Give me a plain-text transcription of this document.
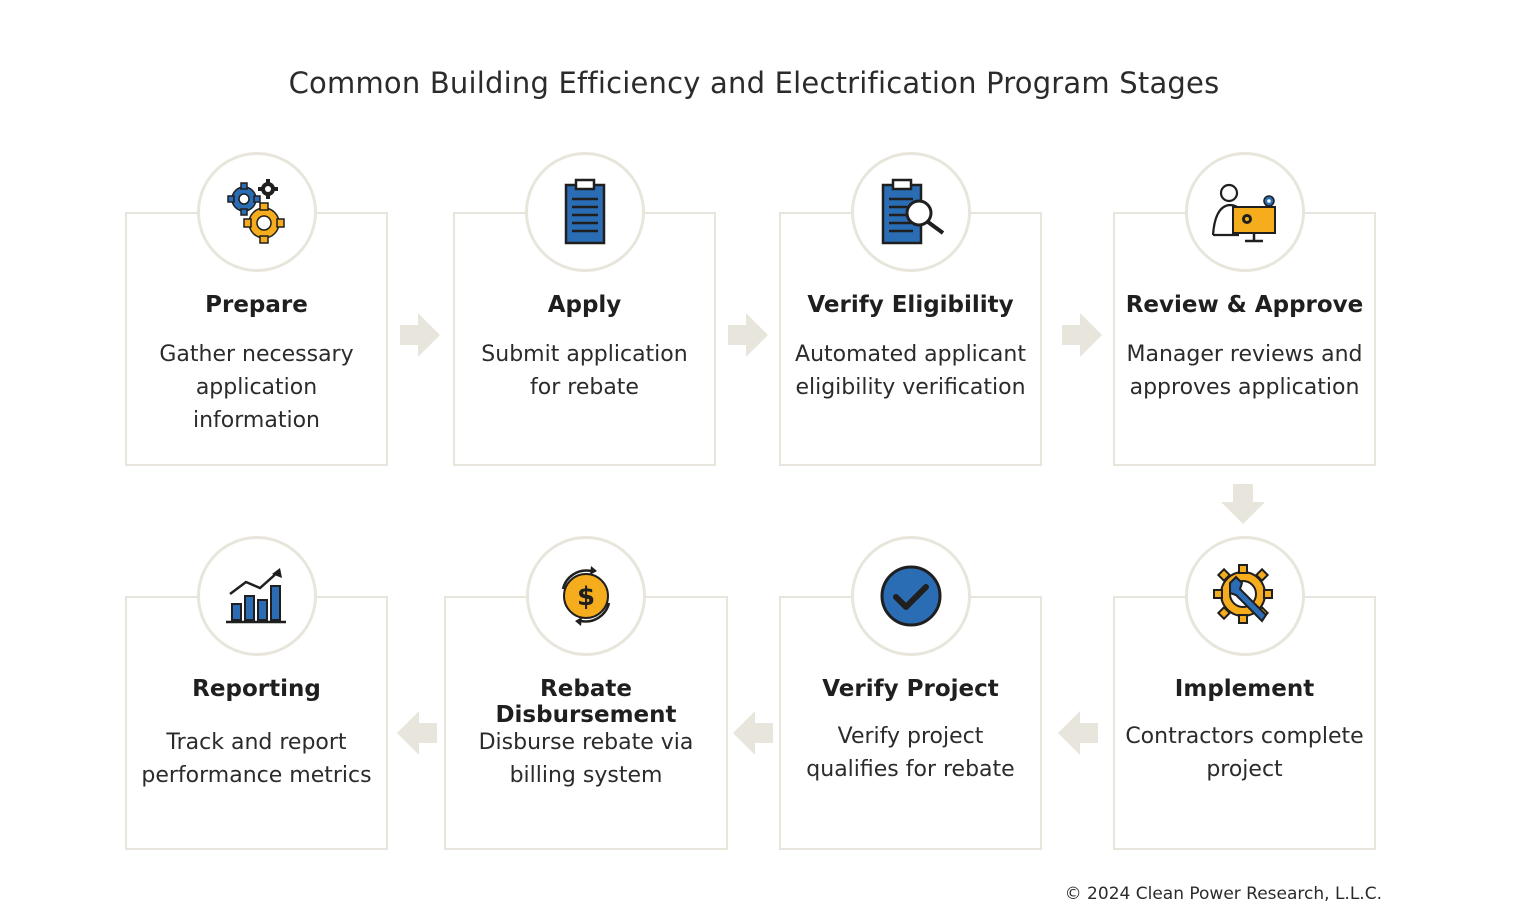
Common Building Efficiency and Electrification Program Stages
Prepare
Gather necessary application information
Apply
Submit application for rebate
Verify Eligibility
Automated applicant eligibility verification
Review & Approve
Manager reviews and approves application
Implement
Contractors complete project
Verify Project
Verify project qualifies for rebate
Rebate Disbursement
Disburse rebate via billing system
$
Reporting
Track and report performance metrics
© 2024 Clean Power Research, L.L.C.
